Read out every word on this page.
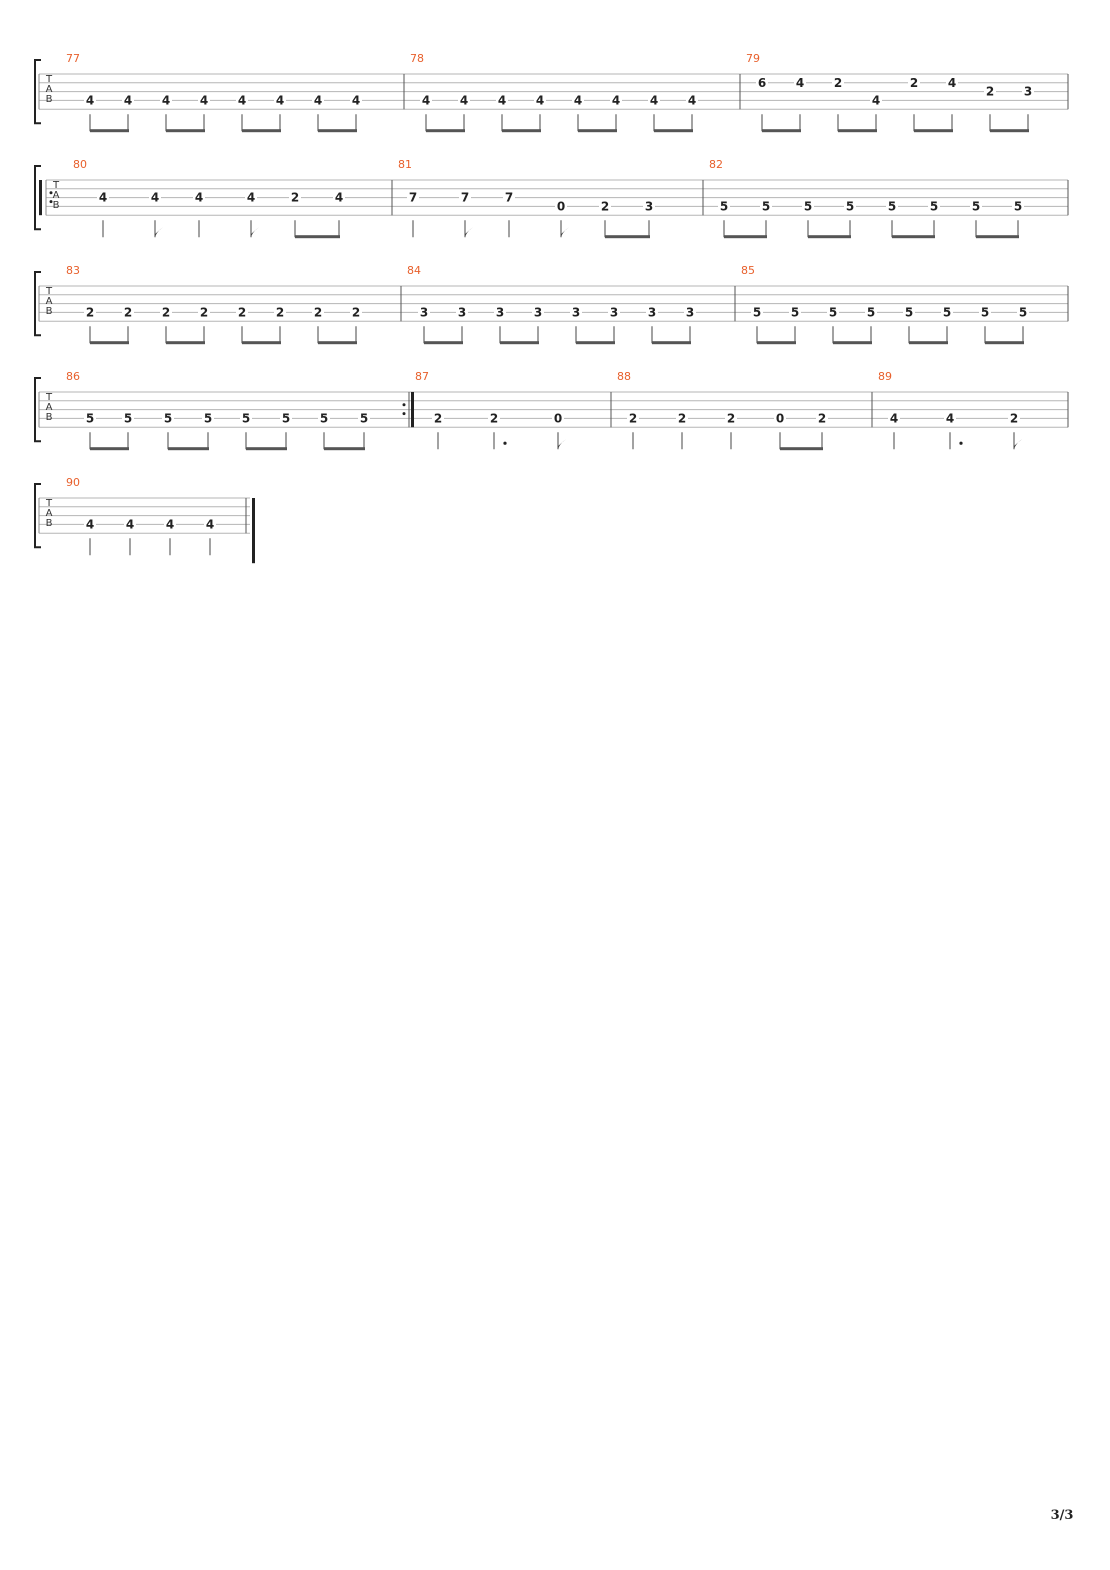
T
A
B
77
4 4 4 4 4 4 4 4
78
4 4 4 4 4 4 4 4
79
6 4 2
4
2 4
2 3
T
A
B
80
4	4	4	4	2	4
81
7	7	7
0	2	3
82
5	5	5	5	5	5	5	5
T
A
B
83
2 2 2 2 2 2 2 2
84
3 3 3 3 3 3 3 3
85
5 5 5 5 5 5 5 5
T
A
B
86
5 5	5	5 5	5 5	5
87
2	2	0
88
2	2	2	0	2
89
4	4	2
T
A
B
90
4	4	4	4
3/3
